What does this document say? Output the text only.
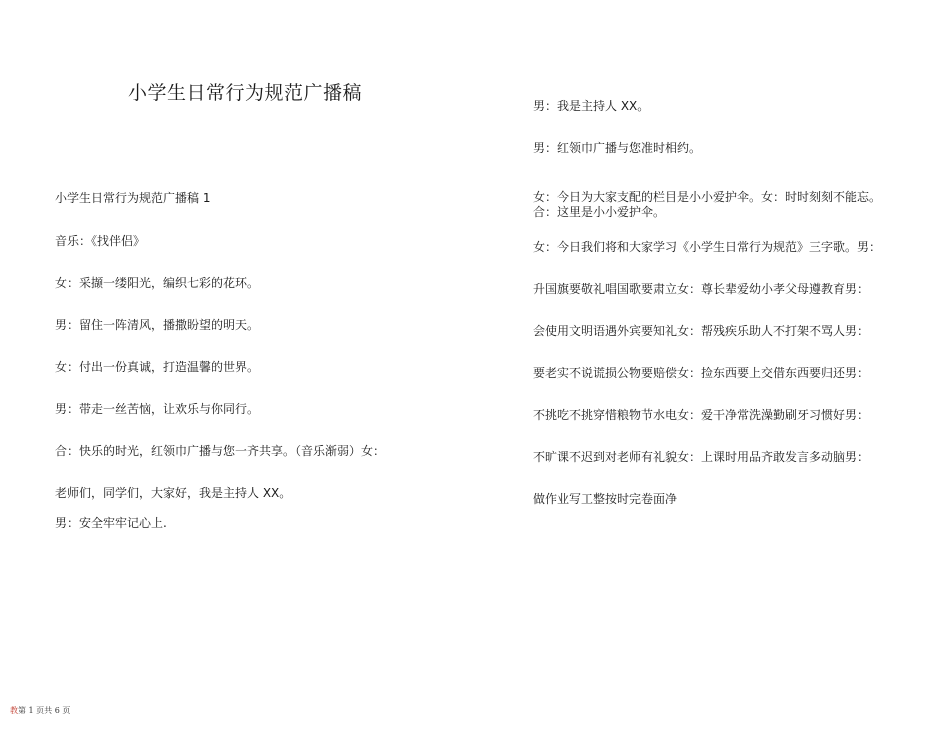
小学生日常行为规范广播稿
小学生日常行为规范广播稿 1
音乐：《找伴侣》
女：采撷一缕阳光，编织七彩的花环。
男：留住一阵清风，播撒盼望的明天。
女：付出一份真诚，打造温馨的世界。
男：带走一丝苦恼，让欢乐与你同行。
合：快乐的时光，红领巾广播与您一齐共享。（音乐渐弱）女：
老师们，同学们，大家好，我是主持人 XX。
男：安全牢牢记心上.
男：我是主持人 XX。
男：红领巾广播与您准时相约。
女：今日为大家支配的栏目是小小爱护伞。女：时时刻刻不能忘。
合：这里是小小爱护伞。
女：今日我们将和大家学习《小学生日常行为规范》三字歌。男：
升国旗要敬礼唱国歌要肃立女：尊长辈爱幼小孝父母遵教育男：
会使用文明语遇外宾要知礼女：帮残疾乐助人不打架不骂人男：
要老实不说谎损公物要赔偿女：捡东西要上交借东西要归还男：
不挑吃不挑穿惜粮物节水电女：爱干净常洗澡勤刷牙习惯好男：
不旷课不迟到对老师有礼貌女：上课时用品齐敢发言多动脑男：
做作业写工整按时完卷面净
教第 1 页共 6 页
